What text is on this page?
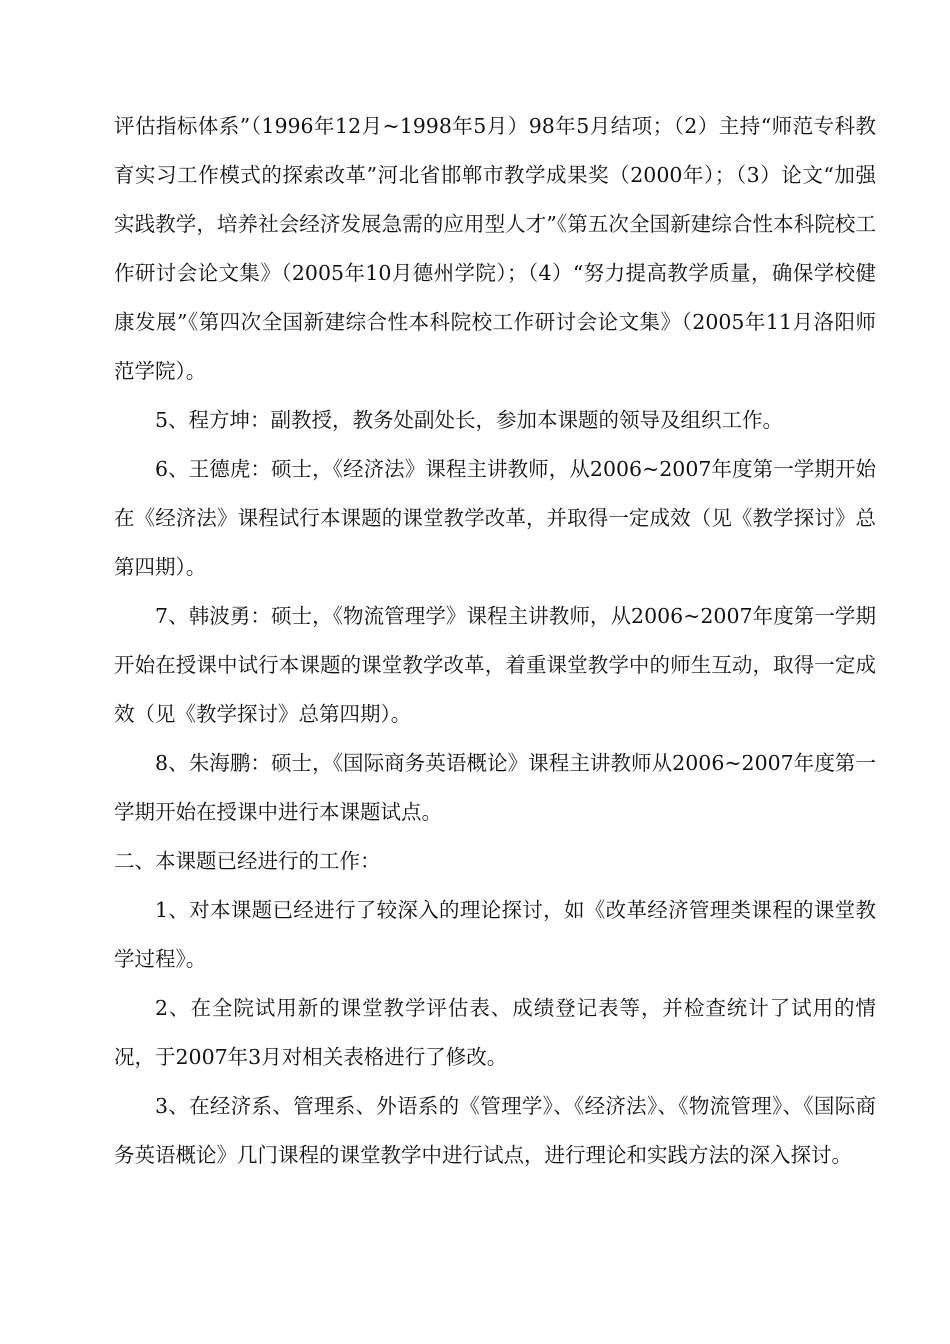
评估指标体系”（1996年12月~1998年5月）98年5月结项；（2）主持“师范专科教育实习工作模式的探索改革”河北省邯郸市教学成果奖（2000年）；（3）论文“加强实践教学，培养社会经济发展急需的应用型人才”《第五次全国新建综合性本科院校工作研讨会论文集》（2005年10月德州学院）；（4）“努力提高教学质量，确保学校健康发展”《第四次全国新建综合性本科院校工作研讨会论文集》（2005年11月洛阳师范学院）。

5、程方坤：副教授，教务处副处长，参加本课题的领导及组织工作。

6、王德虎：硕士，《经济法》课程主讲教师，从2006~2007年度第一学期开始在《经济法》课程试行本课题的课堂教学改革，并取得一定成效（见《教学探讨》总第四期）。

7、韩波勇：硕士，《物流管理学》课程主讲教师，从2006~2007年度第一学期开始在授课中试行本课题的课堂教学改革，着重课堂教学中的师生互动，取得一定成效（见《教学探讨》总第四期）。

8、朱海鹏：硕士，《国际商务英语概论》课程主讲教师从2006~2007年度第一学期开始在授课中进行本课题试点。

二、本课题已经进行的工作：

1、对本课题已经进行了较深入的理论探讨，如《改革经济管理类课程的课堂教学过程》。

2、在全院试用新的课堂教学评估表、成绩登记表等，并检查统计了试用的情况，于2007年3月对相关表格进行了修改。

3、在经济系、管理系、外语系的《管理学》、《经济法》、《物流管理》、《国际商务英语概论》几门课程的课堂教学中进行试点，进行理论和实践方法的深入探讨。
